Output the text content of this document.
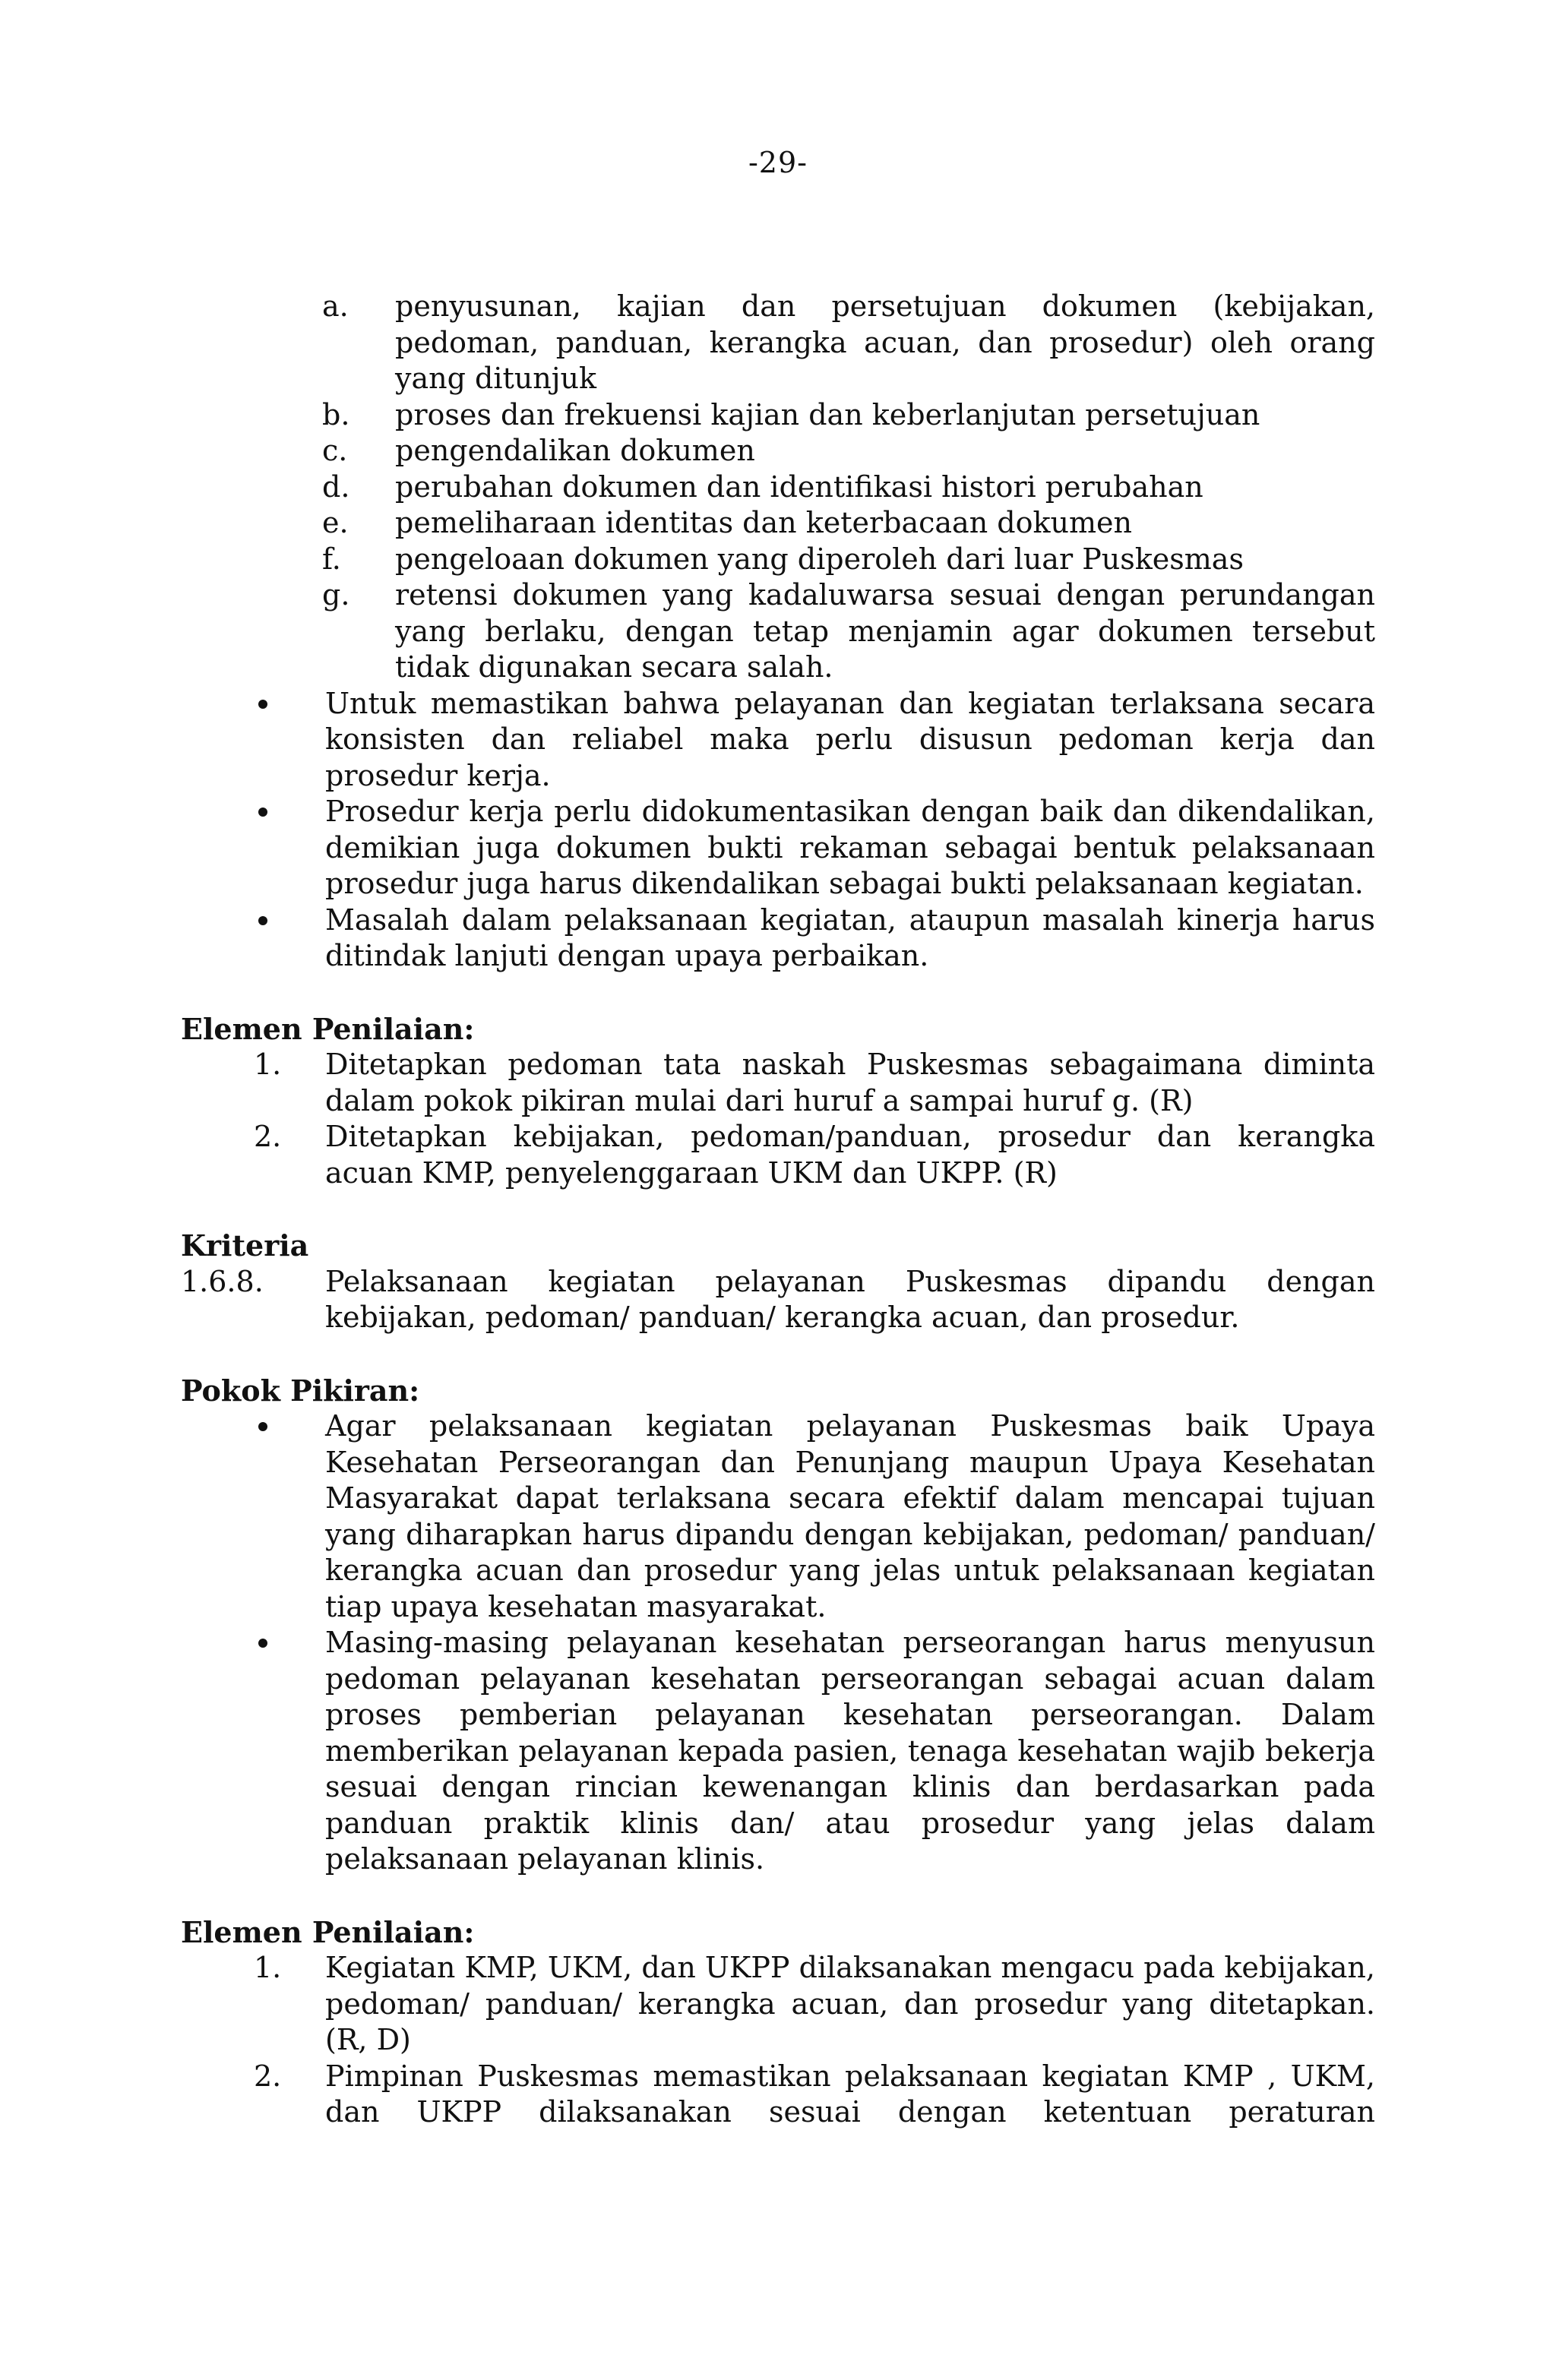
-29-
a.	penyusunan, kajian dan persetujuan dokumen (kebijakan, pedoman, panduan, kerangka acuan, dan prosedur) oleh orang yang ditunjuk
b.	proses dan frekuensi kajian dan keberlanjutan persetujuan
c.	pengendalikan dokumen
d.	perubahan dokumen dan identifikasi histori perubahan
e.	pemeliharaan identitas dan keterbacaan dokumen
f.	pengeloaan dokumen yang diperoleh dari luar Puskesmas
g.	retensi dokumen yang kadaluwarsa sesuai dengan perundangan yang berlaku, dengan tetap menjamin agar dokumen tersebut tidak digunakan secara salah.
Untuk memastikan bahwa pelayanan dan kegiatan terlaksana secara konsisten dan reliabel maka perlu disusun pedoman kerja dan prosedur kerja.
Prosedur kerja perlu didokumentasikan dengan baik dan dikendalikan, demikian juga dokumen bukti rekaman sebagai bentuk pelaksanaan prosedur juga harus dikendalikan sebagai bukti pelaksanaan kegiatan.
Masalah dalam pelaksanaan kegiatan, ataupun masalah kinerja harus ditindak lanjuti dengan upaya perbaikan.
Elemen Penilaian:
1.	Ditetapkan pedoman tata naskah Puskesmas sebagaimana diminta dalam pokok pikiran mulai dari huruf a sampai huruf g. (R)
2.	Ditetapkan kebijakan, pedoman/panduan, prosedur dan kerangka acuan KMP, penyelenggaraan UKM dan UKPP. (R)
Kriteria
1.6.8.	Pelaksanaan kegiatan pelayanan Puskesmas dipandu dengan kebijakan, pedoman/ panduan/ kerangka acuan, dan prosedur.
Pokok Pikiran:
Agar pelaksanaan kegiatan pelayanan Puskesmas baik Upaya Kesehatan Perseorangan dan Penunjang maupun Upaya Kesehatan Masyarakat dapat terlaksana secara efektif dalam mencapai tujuan yang diharapkan harus dipandu dengan kebijakan, pedoman/ panduan/ kerangka acuan dan prosedur yang jelas untuk pelaksanaan kegiatan tiap upaya kesehatan masyarakat.
Masing-masing pelayanan kesehatan perseorangan harus menyusun pedoman pelayanan kesehatan perseorangan sebagai acuan dalam proses pemberian pelayanan kesehatan perseorangan. Dalam memberikan pelayanan kepada pasien, tenaga kesehatan wajib bekerja sesuai dengan rincian kewenangan klinis dan berdasarkan pada panduan praktik klinis dan/ atau prosedur yang jelas dalam pelaksanaan pelayanan klinis.
Elemen Penilaian:
1.	Kegiatan KMP, UKM, dan UKPP dilaksanakan mengacu pada kebijakan, pedoman/ panduan/ kerangka acuan, dan prosedur yang ditetapkan. (R, D)
2.	Pimpinan Puskesmas memastikan pelaksanaan kegiatan KMP , UKM, dan UKPP dilaksanakan sesuai dengan ketentuan peraturan
